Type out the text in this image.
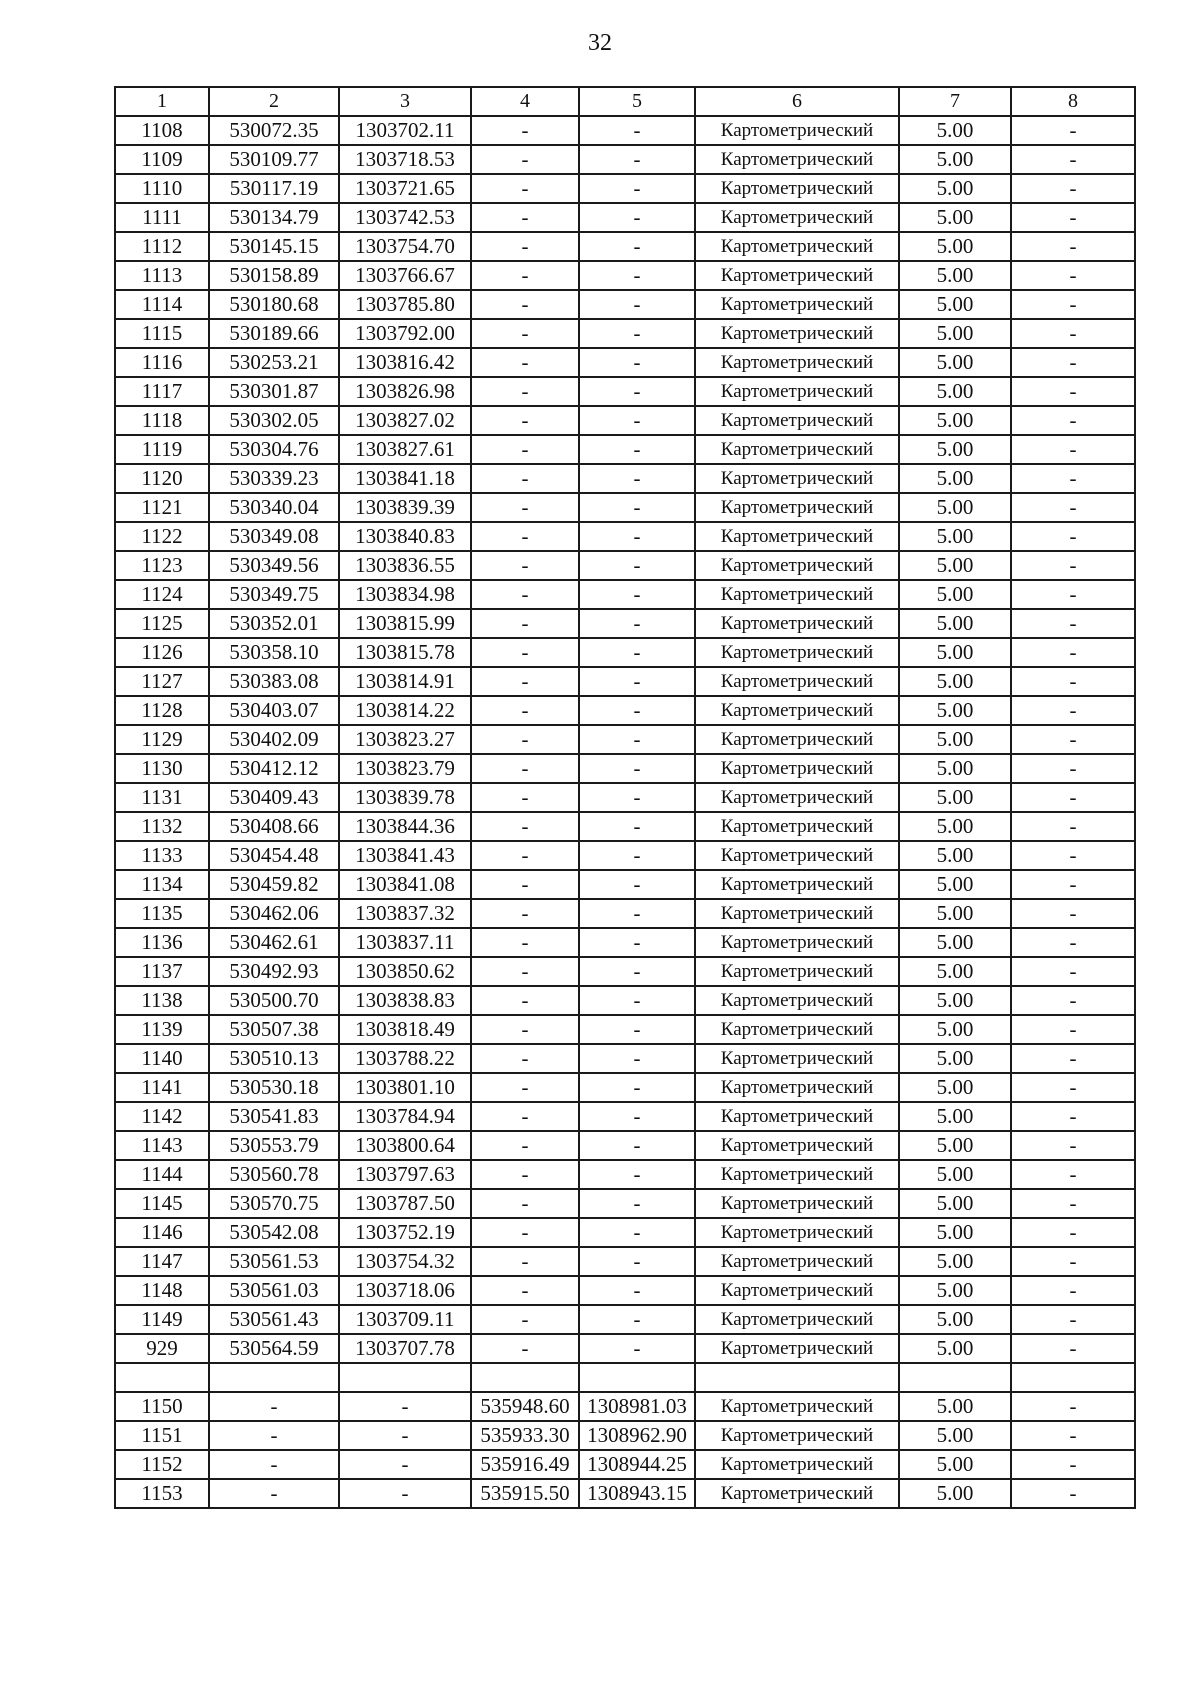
32
1	2	3	4	5	6	7	8
1108	530072.35	1303702.11	-	-	Картометрический	5.00	-
1109	530109.77	1303718.53	-	-	Картометрический	5.00	-
1110	530117.19	1303721.65	-	-	Картометрический	5.00	-
1111	530134.79	1303742.53	-	-	Картометрический	5.00	-
1112	530145.15	1303754.70	-	-	Картометрический	5.00	-
1113	530158.89	1303766.67	-	-	Картометрический	5.00	-
1114	530180.68	1303785.80	-	-	Картометрический	5.00	-
1115	530189.66	1303792.00	-	-	Картометрический	5.00	-
1116	530253.21	1303816.42	-	-	Картометрический	5.00	-
1117	530301.87	1303826.98	-	-	Картометрический	5.00	-
1118	530302.05	1303827.02	-	-	Картометрический	5.00	-
1119	530304.76	1303827.61	-	-	Картометрический	5.00	-
1120	530339.23	1303841.18	-	-	Картометрический	5.00	-
1121	530340.04	1303839.39	-	-	Картометрический	5.00	-
1122	530349.08	1303840.83	-	-	Картометрический	5.00	-
1123	530349.56	1303836.55	-	-	Картометрический	5.00	-
1124	530349.75	1303834.98	-	-	Картометрический	5.00	-
1125	530352.01	1303815.99	-	-	Картометрический	5.00	-
1126	530358.10	1303815.78	-	-	Картометрический	5.00	-
1127	530383.08	1303814.91	-	-	Картометрический	5.00	-
1128	530403.07	1303814.22	-	-	Картометрический	5.00	-
1129	530402.09	1303823.27	-	-	Картометрический	5.00	-
1130	530412.12	1303823.79	-	-	Картометрический	5.00	-
1131	530409.43	1303839.78	-	-	Картометрический	5.00	-
1132	530408.66	1303844.36	-	-	Картометрический	5.00	-
1133	530454.48	1303841.43	-	-	Картометрический	5.00	-
1134	530459.82	1303841.08	-	-	Картометрический	5.00	-
1135	530462.06	1303837.32	-	-	Картометрический	5.00	-
1136	530462.61	1303837.11	-	-	Картометрический	5.00	-
1137	530492.93	1303850.62	-	-	Картометрический	5.00	-
1138	530500.70	1303838.83	-	-	Картометрический	5.00	-
1139	530507.38	1303818.49	-	-	Картометрический	5.00	-
1140	530510.13	1303788.22	-	-	Картометрический	5.00	-
1141	530530.18	1303801.10	-	-	Картометрический	5.00	-
1142	530541.83	1303784.94	-	-	Картометрический	5.00	-
1143	530553.79	1303800.64	-	-	Картометрический	5.00	-
1144	530560.78	1303797.63	-	-	Картометрический	5.00	-
1145	530570.75	1303787.50	-	-	Картометрический	5.00	-
1146	530542.08	1303752.19	-	-	Картометрический	5.00	-
1147	530561.53	1303754.32	-	-	Картометрический	5.00	-
1148	530561.03	1303718.06	-	-	Картометрический	5.00	-
1149	530561.43	1303709.11	-	-	Картометрический	5.00	-
929	530564.59	1303707.78	-	-	Картометрический	5.00	-

1150	-	-	535948.60	1308981.03	Картометрический	5.00	-
1151	-	-	535933.30	1308962.90	Картометрический	5.00	-
1152	-	-	535916.49	1308944.25	Картометрический	5.00	-
1153	-	-	535915.50	1308943.15	Картометрический	5.00	-
